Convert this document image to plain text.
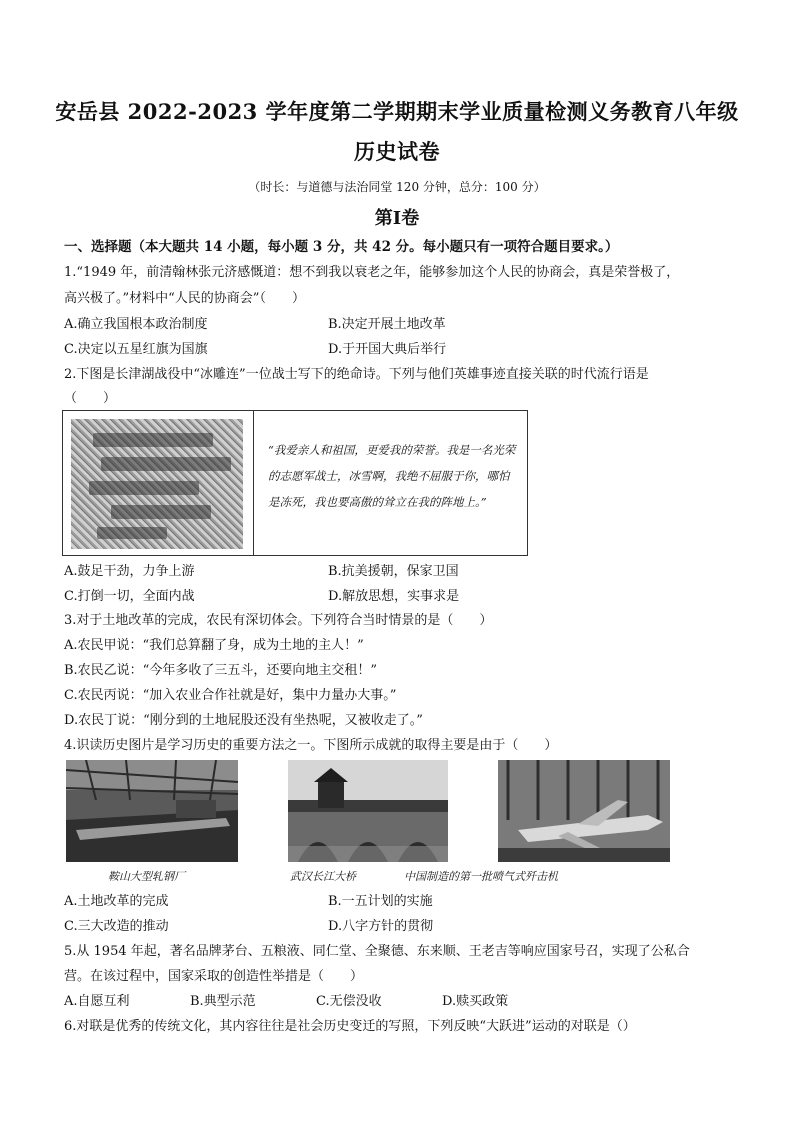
安岳县 2022-2023 学年度第二学期期末学业质量检测义务教育八年级
历史试卷
（时长：与道德与法治同堂 120 分钟，总分：100 分）
第Ⅰ卷
一、选择题（本大题共 14 小题，每小题 3 分，共 42 分。每小题只有一项符合题目要求。）
1.“1949 年，前清翰林张元济感慨道：想不到我以衰老之年，能够参加这个人民的协商会，真是荣誉极了，
高兴极了。”材料中“人民的协商会”（　　）
A.确立我国根本政治制度	B.决定开展土地改革
C.决定以五星红旗为国旗	D.于开国大典后举行
2.下图是长津湖战役中“冰雕连”一位战士写下的绝命诗。下列与他们英雄事迹直接关联的时代流行语是
（　　）
“我爱亲人和祖国，更爱我的荣誉。我是一名光荣的志愿军战士，冰雪啊，我绝不屈服于你，哪怕是冻死，我也要高傲的耸立在我的阵地上。”
A.鼓足干劲，力争上游	B.抗美援朝，保家卫国
C.打倒一切，全面内战	D.解放思想，实事求是
3.对于土地改革的完成，农民有深切体会。下列符合当时情景的是（　　）
A.农民甲说：“我们总算翻了身，成为土地的主人！”
B.农民乙说：“今年多收了三五斗，还要向地主交租！”
C.农民丙说：“加入农业合作社就是好，集中力量办大事。”
D.农民丁说：“刚分到的土地屁股还没有坐热呢，又被收走了。”
4.识读历史图片是学习历史的重要方法之一。下图所示成就的取得主要是由于（　　）
鞍山大型轧钢厂	武汉长江大桥	中国制造的第一批喷气式歼击机
A.土地改革的完成	B.一五计划的实施
C.三大改造的推动	D.八字方针的贯彻
5.从 1954 年起，著名品牌茅台、五粮液、同仁堂、全聚德、东来顺、王老吉等响应国家号召，实现了公私合
营。在该过程中，国家采取的创造性举措是（　　）
A.自愿互利	B.典型示范	C.无偿没收	D.赎买政策
6.对联是优秀的传统文化，其内容往往是社会历史变迁的写照，下列反映“大跃进”运动的对联是（）
